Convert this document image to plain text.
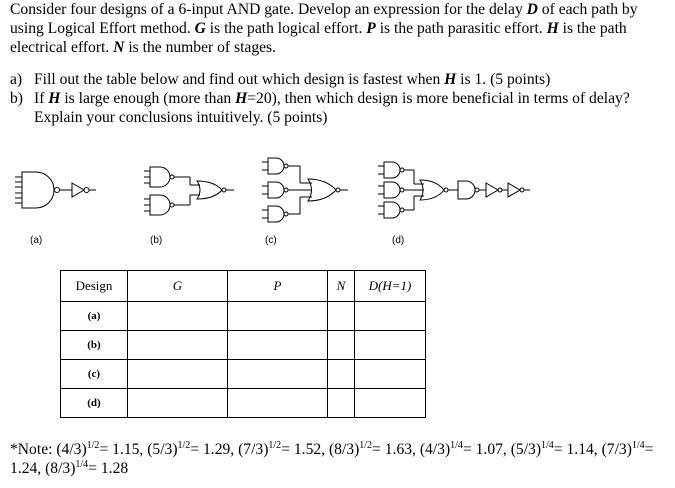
Consider four designs of a 6-input AND gate. Develop an expression for the delay D of each path by using Logical Effort method. G is the path logical effort. P is the path parasitic effort. H is the path electrical effort. N is the number of stages.
a) Fill out the table below and find out which design is fastest when H is 1. (5 points)
b) If H is large enough (more than H=20), then which design is more beneficial in terms of delay? Explain your conclusions intuitively. (5 points)
(a)	(b)	(c)	(d)
Design	G	P	N	D(H=1)
(a)				
(b)				
(c)				
(d)				
*Note: $(4/3)^{1/2}= 1.15$, $(5/3)^{1/2}= 1.29$, $(7/3)^{1/2}= 1.52$, $(8/3)^{1/2}= 1.63$, $(4/3)^{1/4}= 1.07$, $(5/3)^{1/4}= 1.14$, $(7/3)^{1/4}= 1.24$, $(8/3)^{1/4}= 1.28$
